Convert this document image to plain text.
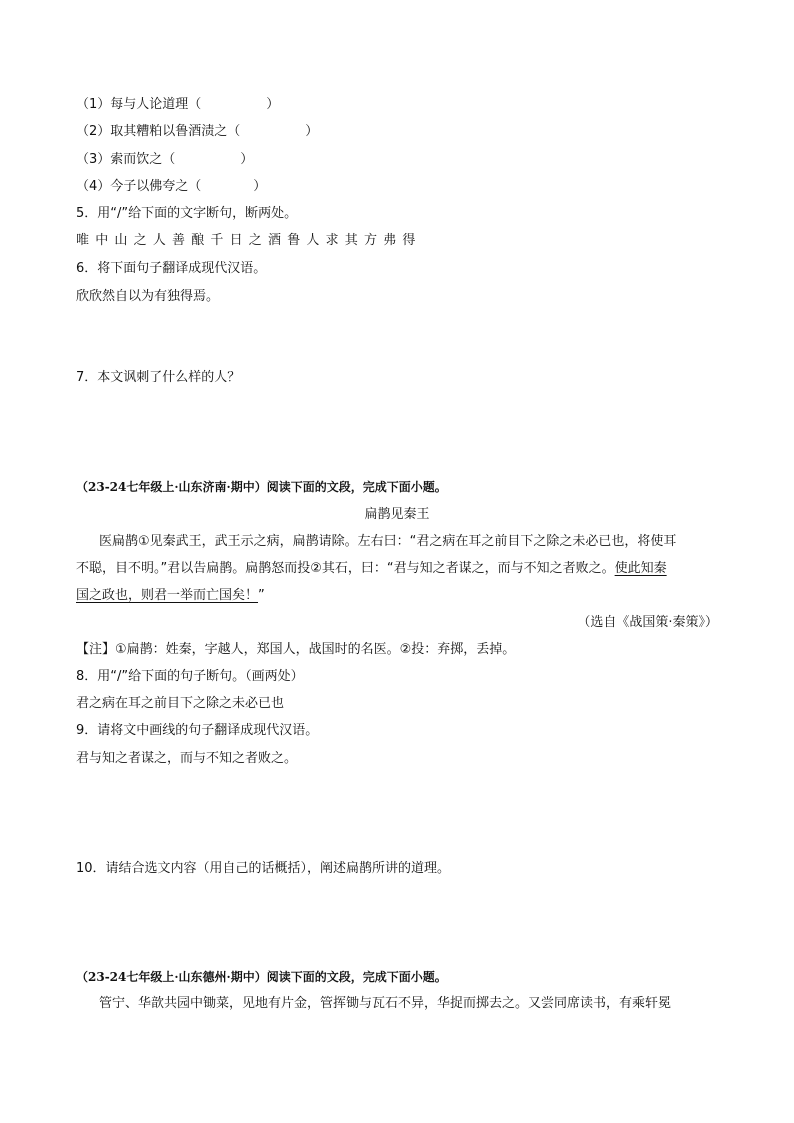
（1）每与人论道理（　　　　　）
（2）取其糟粕以鲁酒渍之（　　　　　）
（3）索而饮之（　　　　　）
（4）今子以佛夸之（　　　　）
5．用“/”给下面的文字断句，断两处。
唯中山之人善酿千日之酒鲁人求其方弗得
6．将下面句子翻译成现代汉语。
欣欣然自以为有独得焉。
7．本文讽刺了什么样的人？
（23-24七年级上·山东济南·期中）阅读下面的文段，完成下面小题。
扁鹊见秦王
医扁鹊①见秦武王，武王示之病，扁鹊请除。左右曰：“君之病在耳之前目下之除之未必已也，将使耳
不聪，目不明。”君以告扁鹊。扁鹊怒而投②其石，曰：“君与知之者谋之，而与不知之者败之。使此知秦
国之政也，则君一举而亡国矣！”
（选自《战国策·秦策》）
【注】①扁鹊：姓秦，字越人，郑国人，战国时的名医。②投：弃掷，丢掉。
8．用“/”给下面的句子断句。（画两处）
君之病在耳之前目下之除之未必已也
9．请将文中画线的句子翻译成现代汉语。
君与知之者谋之，而与不知之者败之。
10．请结合选文内容（用自己的话概括），阐述扁鹊所讲的道理。
（23-24七年级上·山东德州·期中）阅读下面的文段，完成下面小题。
管宁、华歆共园中锄菜，见地有片金，管挥锄与瓦石不异，华捉而掷去之。又尝同席读书，有乘轩冕
